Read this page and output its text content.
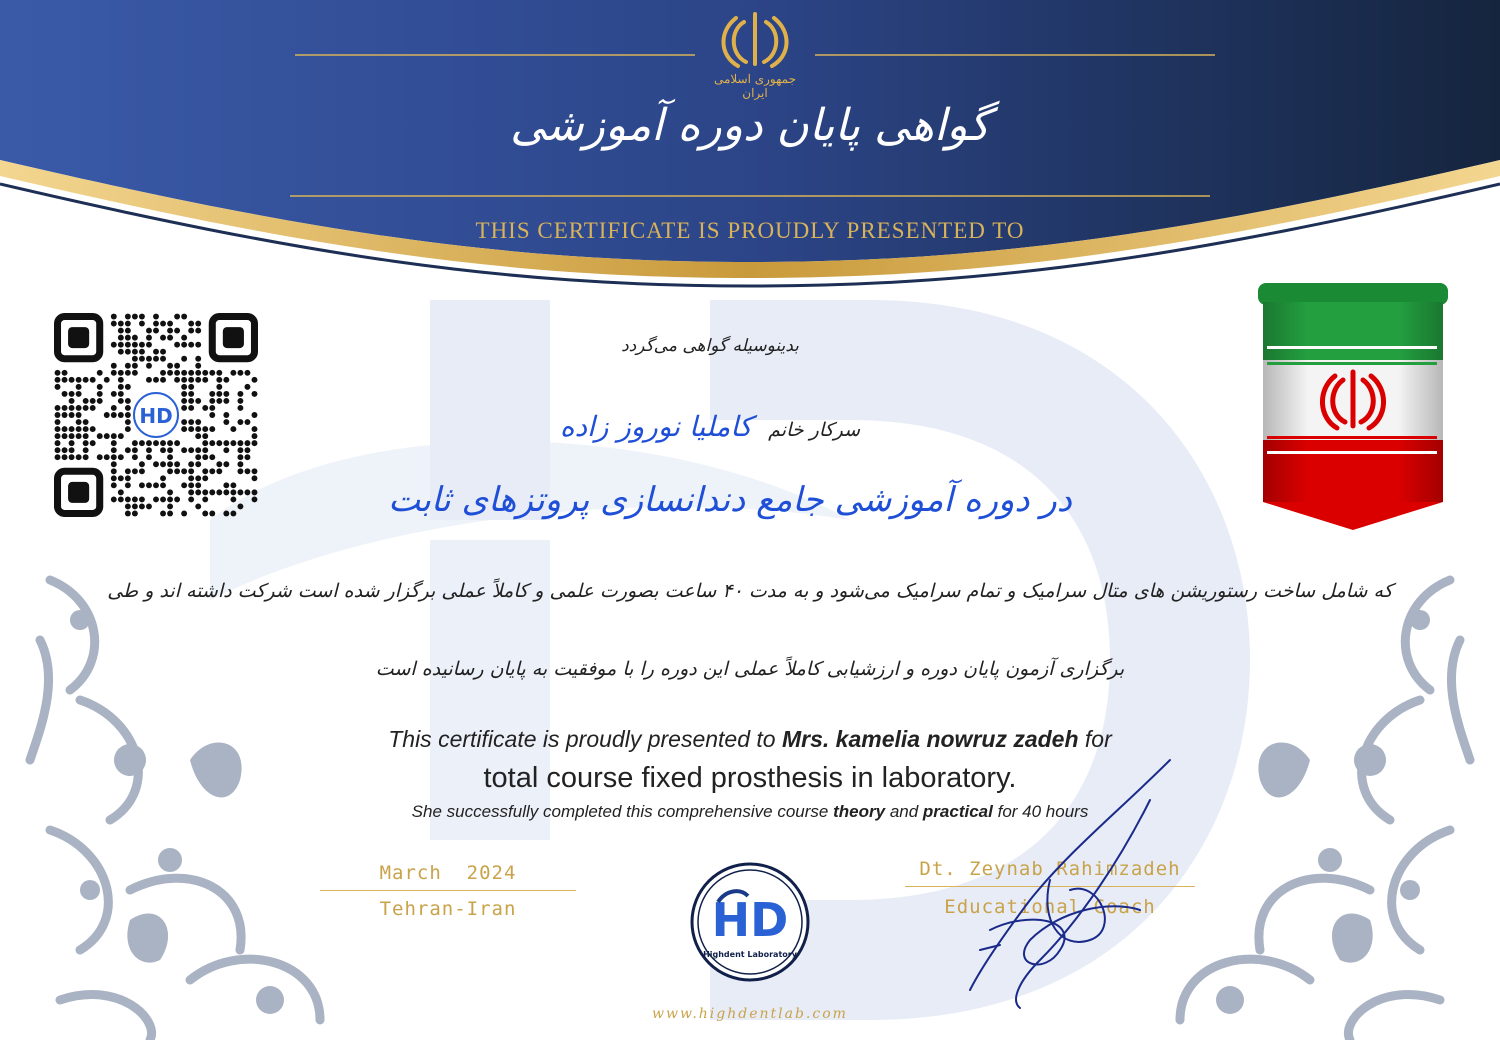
جمهوری اسلامی ایران
گواهی پایان دوره آموزشی
THIS CERTIFICATE IS PROUDLY PRESENTED TO
HD
بدینوسیله گواهی می‌گردد
سرکار خانم کاملیا نوروز زاده
در دوره آموزشی جامع دندانسازی پروتزهای ثابت
که شامل ساخت رستوریشن های متال سرامیک و تمام سرامیک می‌شود و به مدت ۴۰ ساعت بصورت علمی و کاملاً عملی برگزار شده است شرکت داشته اند و طی
برگزاری آزمون پایان دوره و ارزشیابی کاملاً عملی این دوره را با موفقیت به پایان رسانیده است
This certificate is proudly presented to Mrs. kamelia nowruz zadeh for
total course fixed prosthesis in laboratory.
She successfully completed this comprehensive course theory and practical for 40 hours
March  2024
Tehran-Iran
Dt. Zeynab Rahimzadeh
Educational Coach
HD
Highdent Laboratory
www.highdentlab.com
